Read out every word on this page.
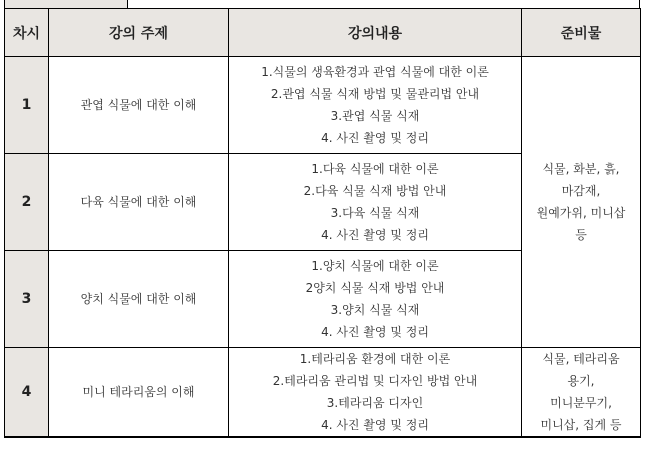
차시	강의 주제	강의내용	준비물
1	관엽 식물에 대한 이해	1.식물의 생육환경과 관엽 식물에 대한 이론
2.관엽 식물 식재 방법 및 물관리법 안내
3.관엽 식물 식재
4. 사진 촬영 및 정리	식물, 화분, 흙,
마감재,
원예가위, 미니삽
등

2	다육 식물에 대한 이해	1.다육 식물에 대한 이론
2.다육 식물 식재 방법 안내
3.다육 식물 식재
4. 사진 촬영 및 정리	

3	양치 식물에 대한 이해	1.양치 식물에 대한 이론
2양치 식물 식재 방법 안내
3.양치 식물 식재
4. 사진 촬영 및 정리	

4	미니 테라리움의 이해	1.테라리움 환경에 대한 이론
2.테라리움 관리법 및 디자인 방법 안내
3.테라리움 디자인
4. 사진 촬영 및 정리	식물, 테라리움
용기,
미니분무기,
미니삽, 집게 등
